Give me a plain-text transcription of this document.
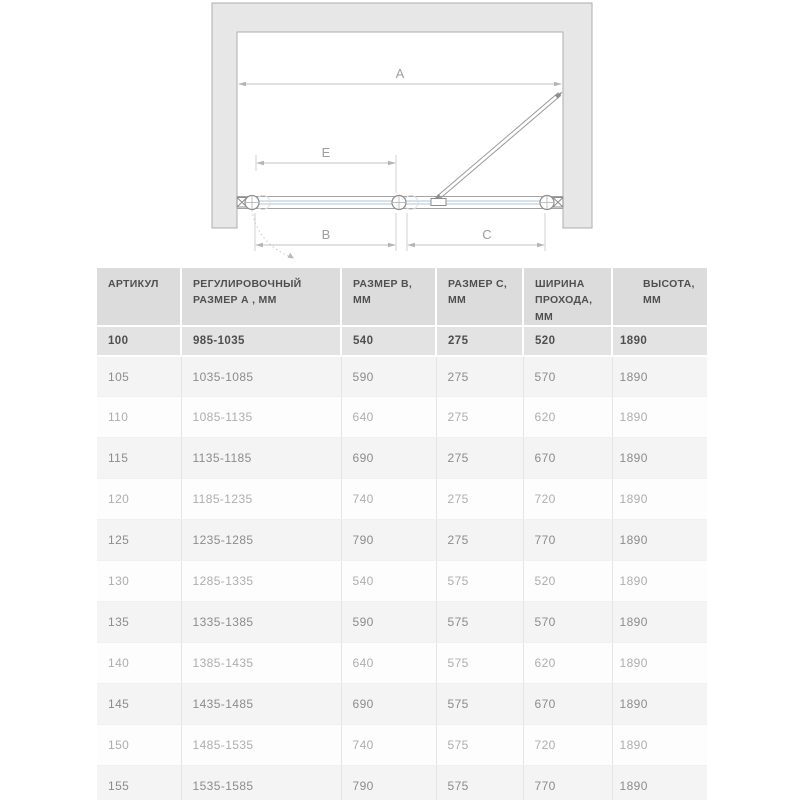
A
E
B	C
АРТИКУЛ	РЕГУЛИРОВОЧНЫЙ РАЗМЕР А , ММ	РАЗМЕР B, ММ	РАЗМЕР C, ММ	ШИРИНА ПРОХОДА, ММ	ВЫСОТА, ММ
100	985-1035	540	275	520	1890
105	1035-1085	590	275	570	1890
110	1085-1135	640	275	620	1890
115	1135-1185	690	275	670	1890
120	1185-1235	740	275	720	1890
125	1235-1285	790	275	770	1890
130	1285-1335	540	575	520	1890
135	1335-1385	590	575	570	1890
140	1385-1435	640	575	620	1890
145	1435-1485	690	575	670	1890
150	1485-1535	740	575	720	1890
155	1535-1585	790	575	770	1890
